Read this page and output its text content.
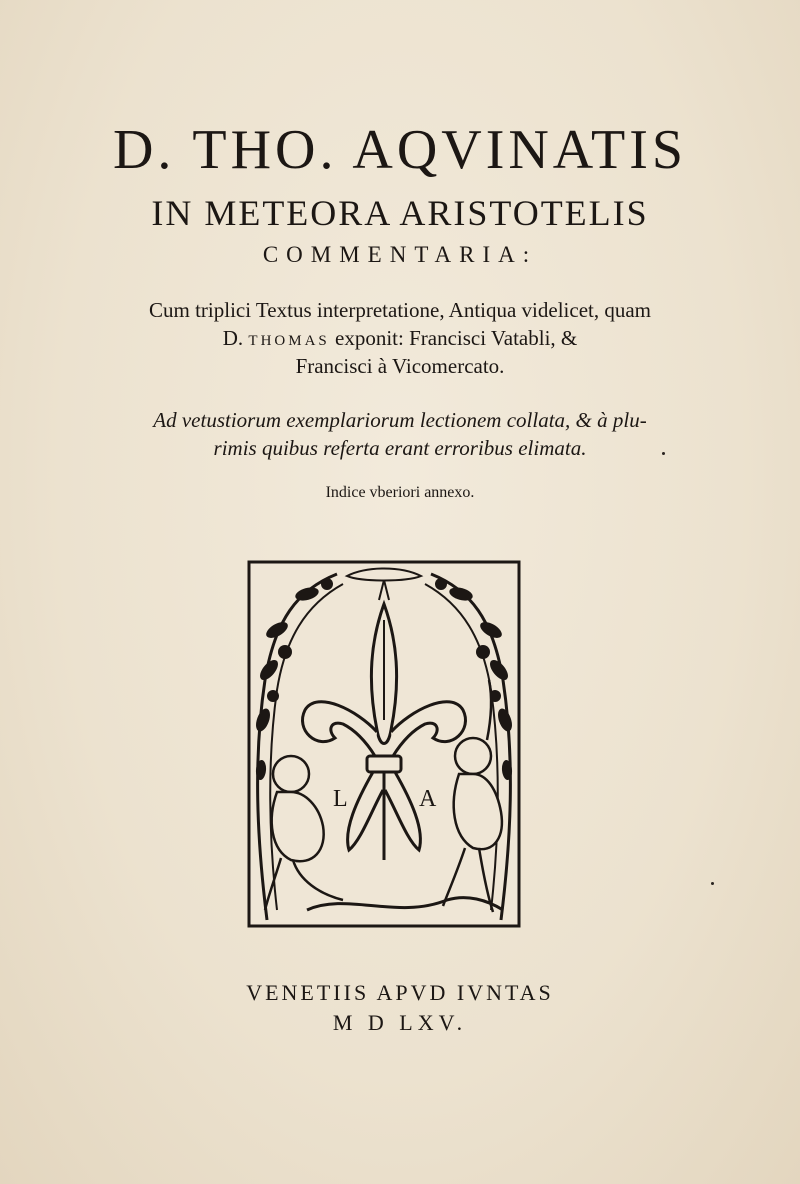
D. THO. AQVINATIS
IN METEORA ARISTOTELIS
COMMENTARIA:
Cum triplici Textus interpretatione, Antiqua videlicet, quam
D. THOMAS exponit: Francisci Vatabli, &
Francisci à Vicomercato.
Ad vetustiorum exemplariorum lectionem collata, & à plu-
rimis quibus referta erant erroribus elimata.
Indice vberiori annexo.
L	A
VENETIIS APVD IVNTAS
M D LXV.
